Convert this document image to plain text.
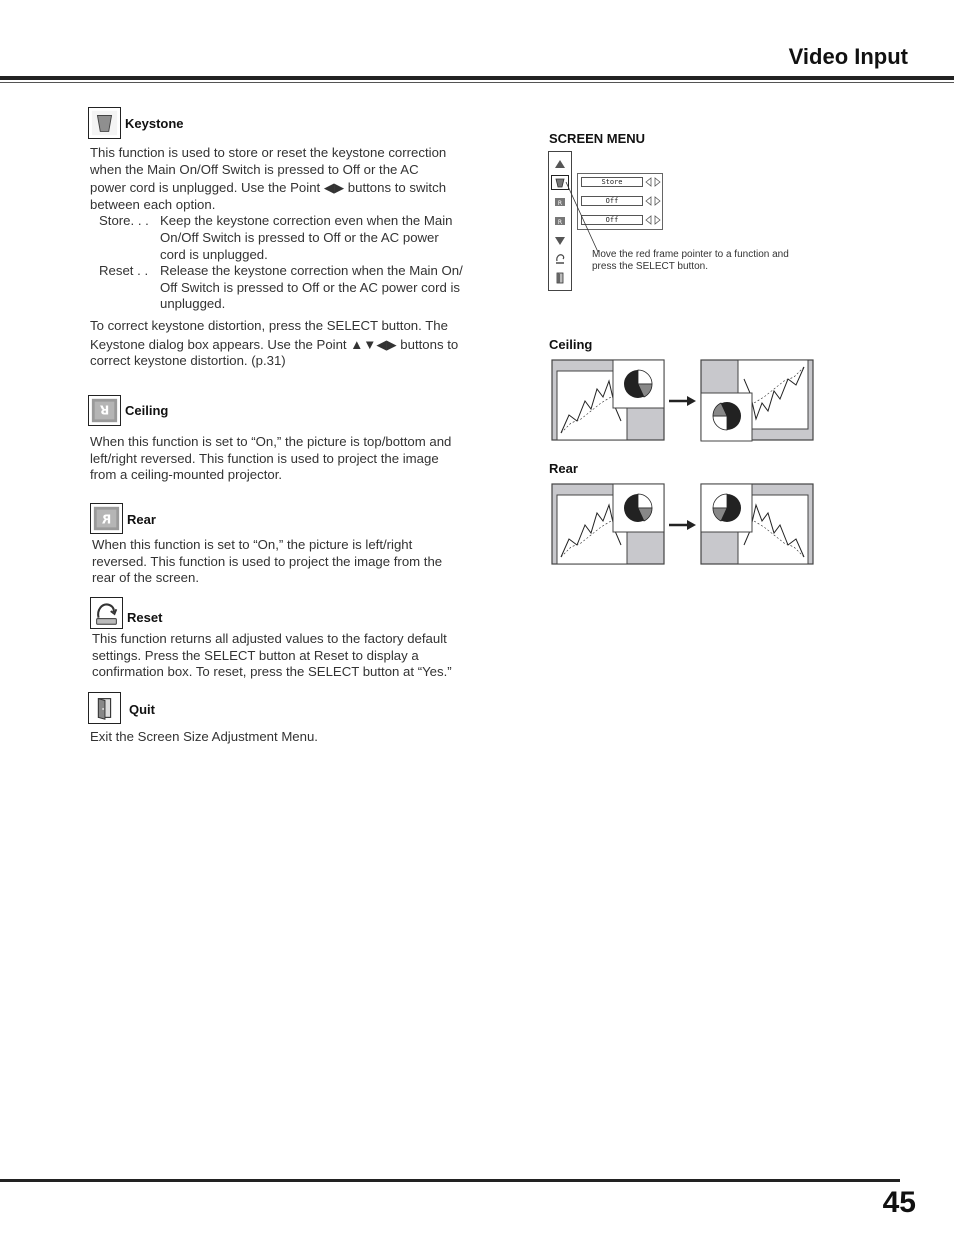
Video Input
Keystone

This function is used to store or reset the keystone correction

when the Main On/Off Switch is pressed to Off or the AC

power cord is unplugged. Use the Point ◀▶ buttons to switch

between each option.

Store. . . Keep the keystone correction even when the Main

On/Off Switch is pressed to Off or the AC power

cord is unplugged.

Reset . . Release the keystone correction when the Main On/

Off Switch is pressed to Off or the AC power cord is

unplugged.

To correct keystone distortion, press the SELECT button. The

Keystone dialog box appears. Use the Point ▲▼◀▶ buttons to

correct keystone distortion. (p.31)

R Ceiling

When this function is set to “On,” the picture is top/bottom and

left/right reversed. This function is used to project the image

from a ceiling-mounted projector.

R Rear

When this function is set to “On,” the picture is left/right

reversed. This function is used to project the image from the

rear of the screen.

Reset

This function returns all adjusted values to the factory default

settings. Press the SELECT button at Reset to display a

confirmation box. To reset, press the SELECT button at “Yes.”

Quit

Exit the Screen Size Adjustment Menu.

SCREEN MENU
R
R
Store
Off
Off
Move the red frame pointer to a function and
press the SELECT button.
Ceiling
Rear
45
